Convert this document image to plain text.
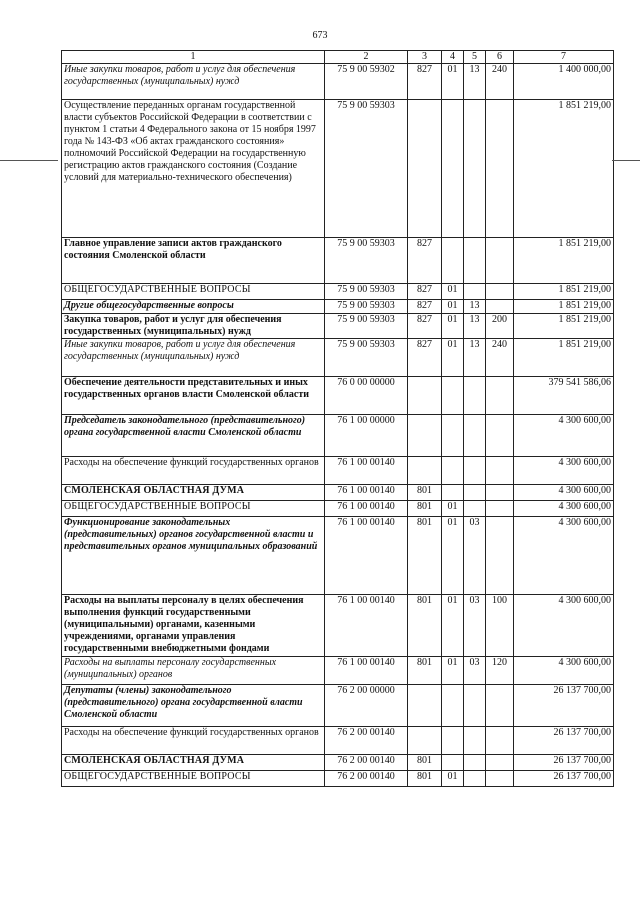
673
1	2	3	4	5	6	7
Иные закупки товаров, работ и услуг для обеспечения государственных (муниципальных) нужд	75 9 00 59302	827	01	13	240	1 400 000,00
Осуществление переданных органам государственной власти субъектов Российской Федерации в соответствии с пунктом 1 статьи 4 Федерального закона от 15 ноября 1997 года № 143-ФЗ «Об актах гражданского состояния» полномочий Российской Федерации на государственную регистрацию актов гражданского состояния (Создание условий для материально-технического обеспечения)	75 9 00 59303					1 851 219,00
Главное управление записи актов гражданского состояния Смоленской области	75 9 00 59303	827				1 851 219,00
ОБЩЕГОСУДАРСТВЕННЫЕ ВОПРОСЫ	75 9 00 59303	827	01			1 851 219,00
Другие общегосударственные вопросы	75 9 00 59303	827	01	13		1 851 219,00
Закупка товаров, работ и услуг для обеспечения государственных (муниципальных) нужд	75 9 00 59303	827	01	13	200	1 851 219,00
Иные закупки товаров, работ и услуг для обеспечения государственных (муниципальных) нужд	75 9 00 59303	827	01	13	240	1 851 219,00
Обеспечение деятельности представительных и иных государственных органов власти Смоленской области	76 0 00 00000					379 541 586,06
Председатель законодательного (представительного) органа государственной власти Смоленской области	76 1 00 00000					4 300 600,00
Расходы на обеспечение функций государственных органов	76 1 00 00140					4 300 600,00
СМОЛЕНСКАЯ ОБЛАСТНАЯ ДУМА	76 1 00 00140	801				4 300 600,00
ОБЩЕГОСУДАРСТВЕННЫЕ ВОПРОСЫ	76 1 00 00140	801	01			4 300 600,00
Функционирование законодательных (представительных) органов государственной власти и представительных органов муниципальных образований	76 1 00 00140	801	01	03		4 300 600,00
Расходы на выплаты персоналу в целях обеспечения выполнения функций государственными (муниципальными) органами, казенными учреждениями, органами управления государственными внебюджетными фондами	76 1 00 00140	801	01	03	100	4 300 600,00
Расходы на выплаты персоналу государственных (муниципальных) органов	76 1 00 00140	801	01	03	120	4 300 600,00
Депутаты (члены) законодательного (представительного) органа государственной власти Смоленской области	76 2 00 00000					26 137 700,00
Расходы на обеспечение функций государственных органов	76 2 00 00140					26 137 700,00
СМОЛЕНСКАЯ ОБЛАСТНАЯ ДУМА	76 2 00 00140	801				26 137 700,00
ОБЩЕГОСУДАРСТВЕННЫЕ ВОПРОСЫ	76 2 00 00140	801	01			26 137 700,00
